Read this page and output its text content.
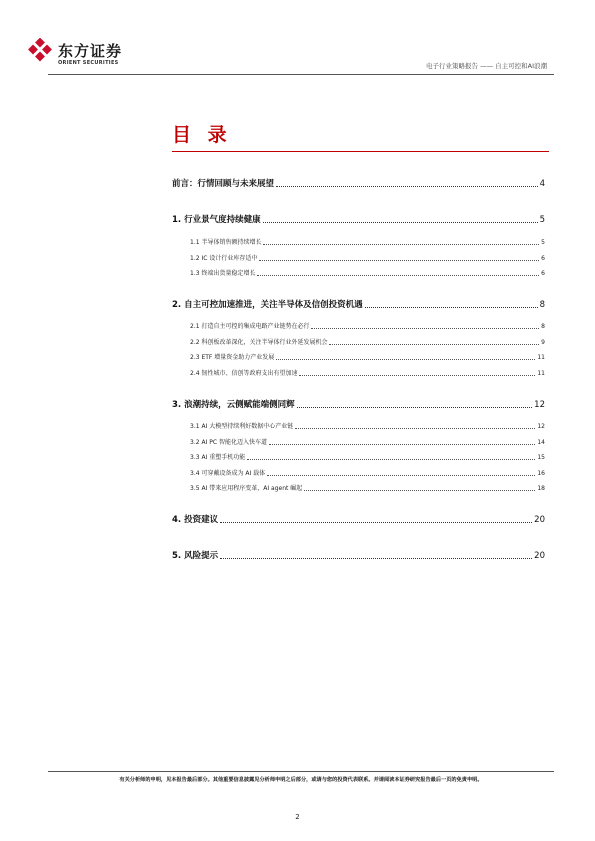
东方证券
ORIENT SECURITIES	电子行业策略报告 —— 自主可控和AI浪潮
目 录
前言：行情回顾与未来展望	4
1. 行业景气度持续健康	5
1.1 半导体销售额持续增长	5
1.2 IC 设计行业库存适中	6
1.3 终端出货量稳定增长	6
2. 自主可控加速推进，关注半导体及信创投资机遇	8
2.1 打造自主可控的集成电路产业链势在必行	8
2.2 科创板改革深化，关注半导体行业外延发展机会	9
2.3 ETF 增量资金助力产业发展	11
2.4 韧性城市、信创等政府支出有望加速	11
3. 浪潮持续，云侧赋能端侧同辉	12
3.1 AI 大模型持续利好数据中心产业链	12
3.2 AI PC 智能化迈入快车道	14
3.3 AI 重塑手机功能	15
3.4 可穿戴设备成为 AI 载体	16
3.5 AI 带来应用程序变革，AI agent 崛起	18
4. 投资建议	20
5. 风险提示	20
有关分析师的申明，见本报告最后部分。其他重要信息披露见分析师申明之后部分，或请与您的投资代表联系。并请阅读本证券研究报告最后一页的免责申明。
2
